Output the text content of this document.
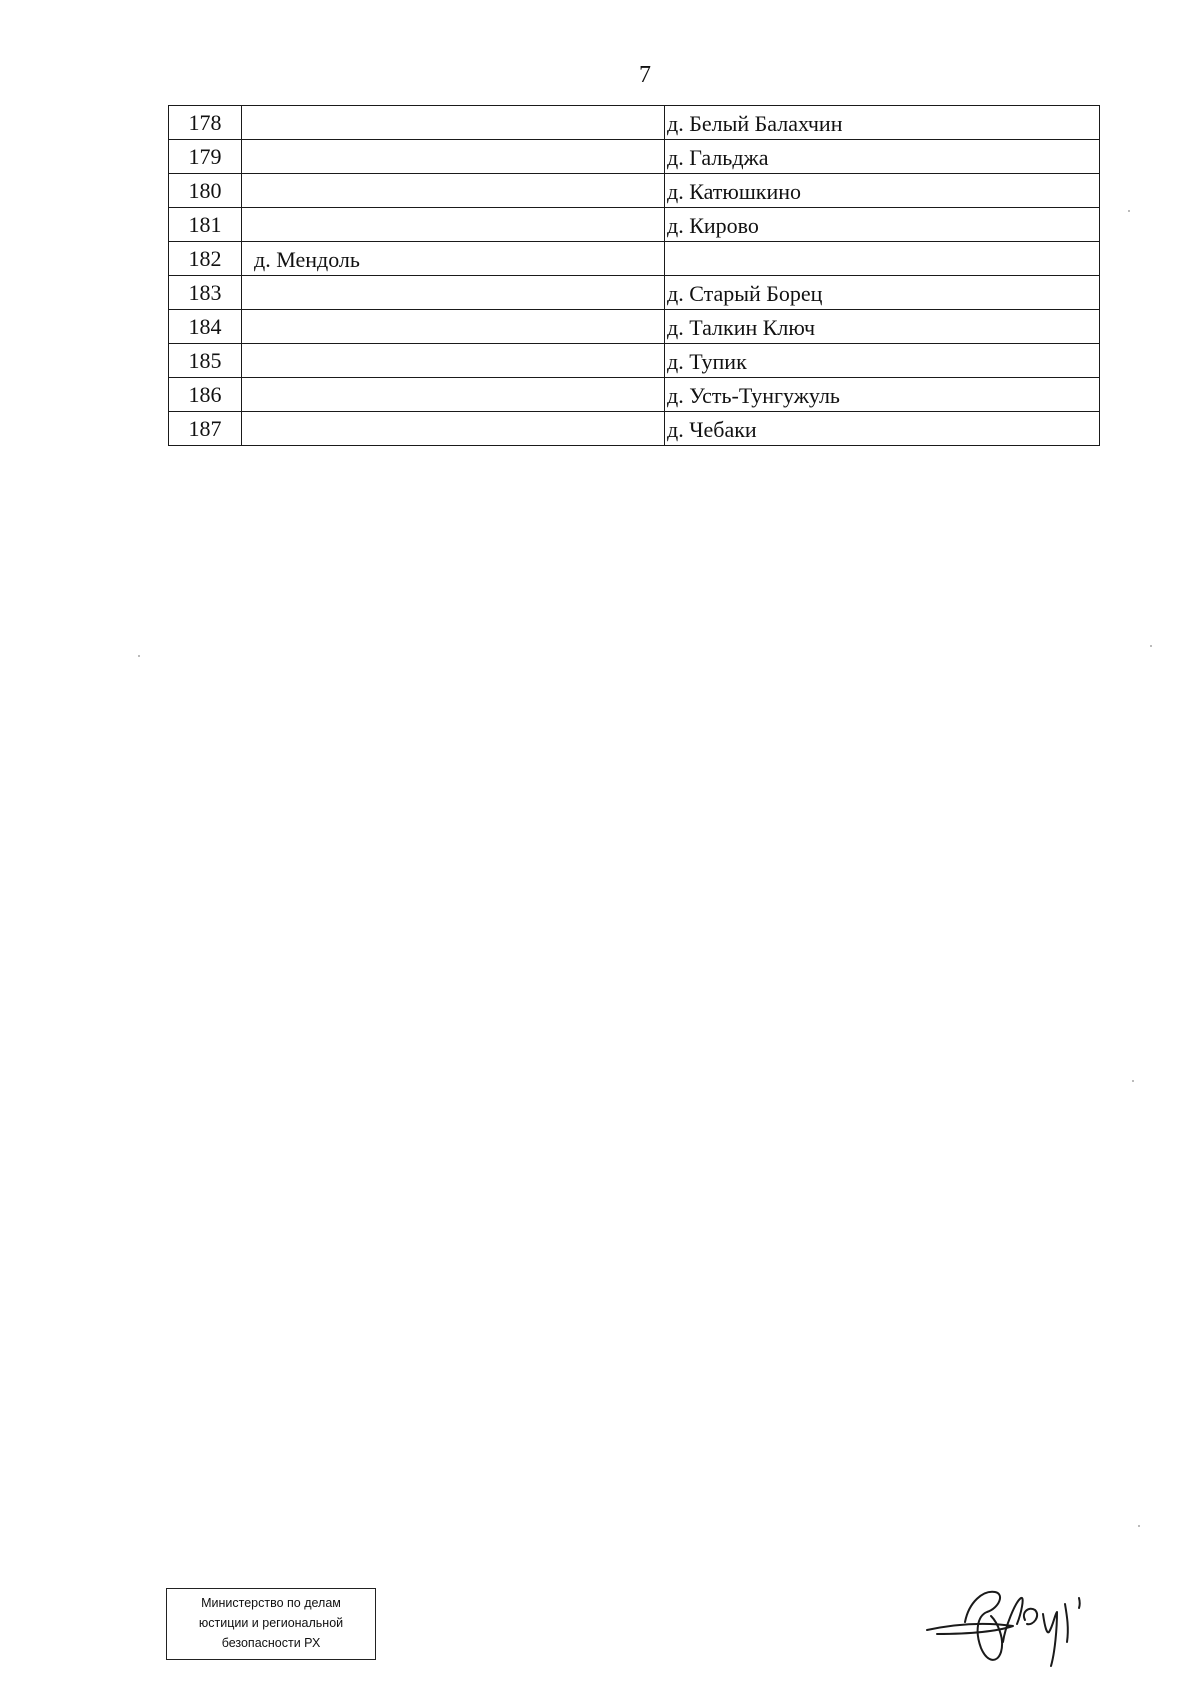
7
178		д. Белый Балахчин
179		д. Гальджа
180		д. Катюшкино
181		д. Кирово
182	д. Мендоль	
183		д. Старый Борец
184		д. Талкин Ключ
185		д. Тупик
186		д. Усть-Тунгужуль
187		д. Чебаки
Министерство по делам
юстиции и региональной
безопасности РХ
